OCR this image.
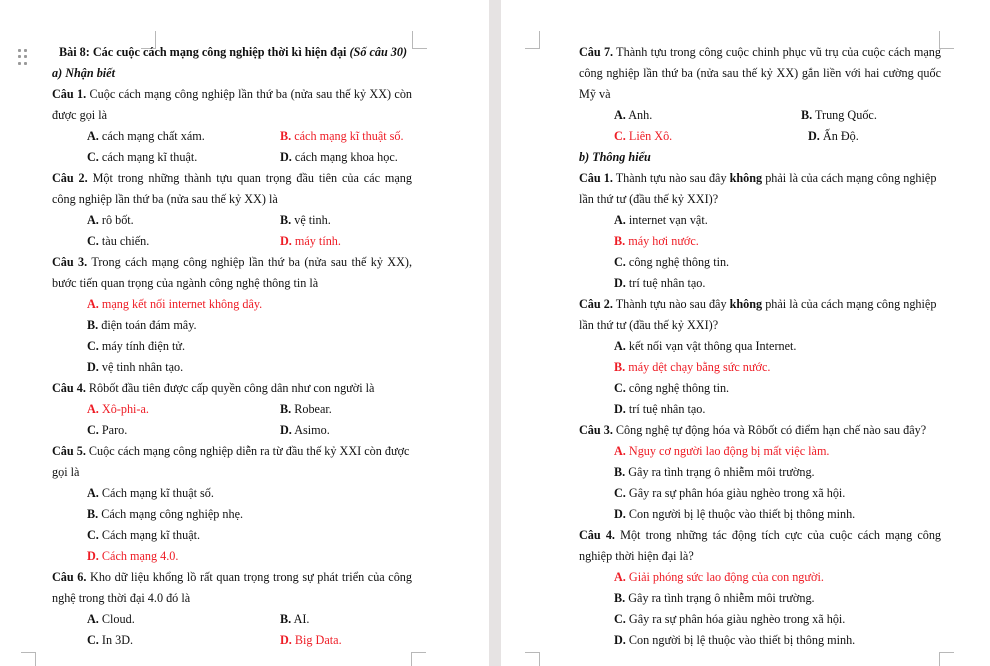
Bài 8: Các cuộc cách mạng công nghiệp thời kì hiện đại (Số câu 30)
a) Nhận biết
Câu 1. Cuộc cách mạng công nghiệp lần thứ ba (nửa sau thế kỷ XX) còn
được gọi là
A. cách mạng chất xám.	B. cách mạng kĩ thuật số.
C. cách mạng kĩ thuật.	D. cách mạng khoa học.
Câu 2. Một trong những thành tựu quan trọng đầu tiên của các mạng
công nghiệp lần thứ ba (nửa sau thế kỷ XX) là
A. rô bốt.	B. vệ tinh.
C. tàu chiến.	D. máy tính.
Câu 3. Trong cách mạng công nghiệp lần thứ ba (nửa sau thế kỷ XX),
bước tiến quan trọng của ngành công nghệ thông tin là
A. mạng kết nối internet không dây.
B. điện toán đám mây.
C. máy tính điện tử.
D. vệ tinh nhân tạo.
Câu 4. Rôbốt đầu tiên được cấp quyền công dân như con người là
A. Xô-phi-a.	B. Robear.
C. Paro.	D. Asimo.
Câu 5. Cuộc cách mạng công nghiệp diễn ra từ đầu thế kỷ XXI còn được
gọi là
A. Cách mạng kĩ thuật số.
B. Cách mạng công nghiệp nhẹ.
C. Cách mạng kĩ thuật.
D. Cách mạng 4.0.
Câu 6. Kho dữ liệu khổng lồ rất quan trọng trong sự phát triển của công
nghệ trong thời đại 4.0 đó là
A. Cloud.	B. AI.
C. In 3D.	D. Big Data.
Câu 7. Thành tựu trong công cuộc chinh phục vũ trụ của cuộc cách mạng
công nghiệp lần thứ ba (nửa sau thế kỷ XX) gắn liền với hai cường quốc
Mỹ và
A. Anh.	B. Trung Quốc.
C. Liên Xô.	D. Ấn Độ.
b) Thông hiểu
Câu 1. Thành tựu nào sau đây không phải là của cách mạng công nghiệp
lần thứ tư (đầu thế kỷ XXI)?
A. internet vạn vật.
B. máy hơi nước.
C. công nghệ thông tin.
D. trí tuệ nhân tạo.
Câu 2. Thành tựu nào sau đây không phải là của cách mạng công nghiệp
lần thứ tư (đầu thế kỷ XXI)?
A. kết nối vạn vật thông qua Internet.
B. máy dệt chạy bằng sức nước.
C. công nghệ thông tin.
D. trí tuệ nhân tạo.
Câu 3. Công nghệ tự động hóa và Rôbốt có điểm hạn chế nào sau đây?
A. Nguy cơ người lao động bị mất việc làm.
B. Gây ra tình trạng ô nhiễm môi trường.
C. Gây ra sự phân hóa giàu nghèo trong xã hội.
D. Con người bị lệ thuộc vào thiết bị thông minh.
Câu 4. Một trong những tác động tích cực của cuộc cách mạng công
nghiệp thời hiện đại là?
A. Giải phóng sức lao động của con người.
B. Gây ra tình trạng ô nhiễm môi trường.
C. Gây ra sự phân hóa giàu nghèo trong xã hội.
D. Con người bị lệ thuộc vào thiết bị thông minh.
